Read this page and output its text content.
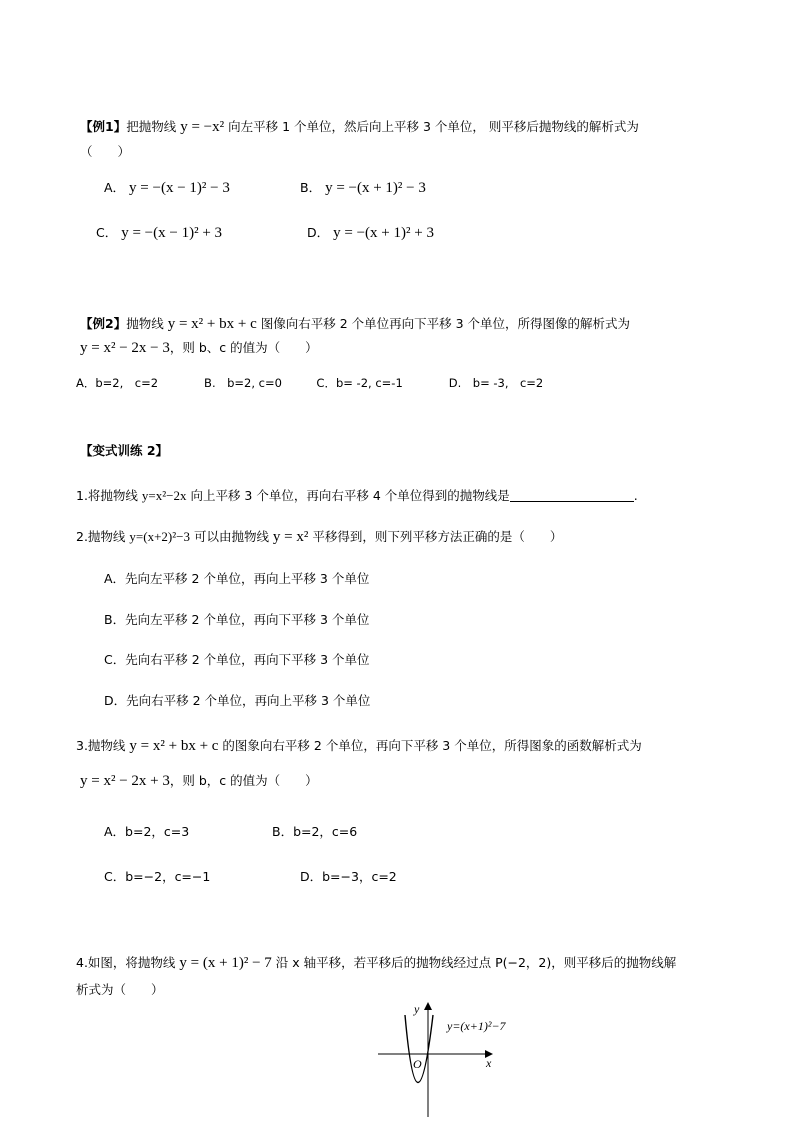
【例1】把抛物线 y = −x² 向左平移 1 个单位，然后向上平移 3 个单位， 则平移后抛物线的解析式为
（　　）
A． y = −(x − 1)² − 3	B． y = −(x + 1)² − 3
C． y = −(x − 1)² + 3	D． y = −(x + 1)² + 3
【例2】抛物线 y = x² + bx + c 图像向右平移 2 个单位再向下平移 3 个单位，所得图像的解析式为
y = x² − 2x − 3，则 b、c 的值为（　　）
A．b=2,　c=2　　　　B.　b=2, c=0　　　C．b= -2, c=-1　　　　D.　b= -3,　c=2
【变式训练 2】
1.将抛物线 y=x²−2x 向上平移 3 个单位，再向右平移 4 个单位得到的抛物线是	.
2.抛物线 y=(x+2)²−3 可以由抛物线 y = x² 平移得到，则下列平移方法正确的是（　　）
A．先向左平移 2 个单位，再向上平移 3 个单位
B．先向左平移 2 个单位，再向下平移 3 个单位
C．先向右平移 2 个单位，再向下平移 3 个单位
D．先向右平移 2 个单位，再向上平移 3 个单位
3.抛物线 y = x² + bx + c 的图象向右平移 2 个单位，再向下平移 3 个单位，所得图象的函数解析式为
y = x² − 2x + 3，则 b，c 的值为（　　）
A．b=2，c=3	B．b=2，c=6
C．b=−2，c=−1	D．b=−3，c=2
4.如图，将抛物线 y = (x + 1)² − 7 沿 x 轴平移，若平移后的抛物线经过点 P(−2，2)，则平移后的抛物线解
析式为（　　）
y
x
O
y=(x+1)²−7
